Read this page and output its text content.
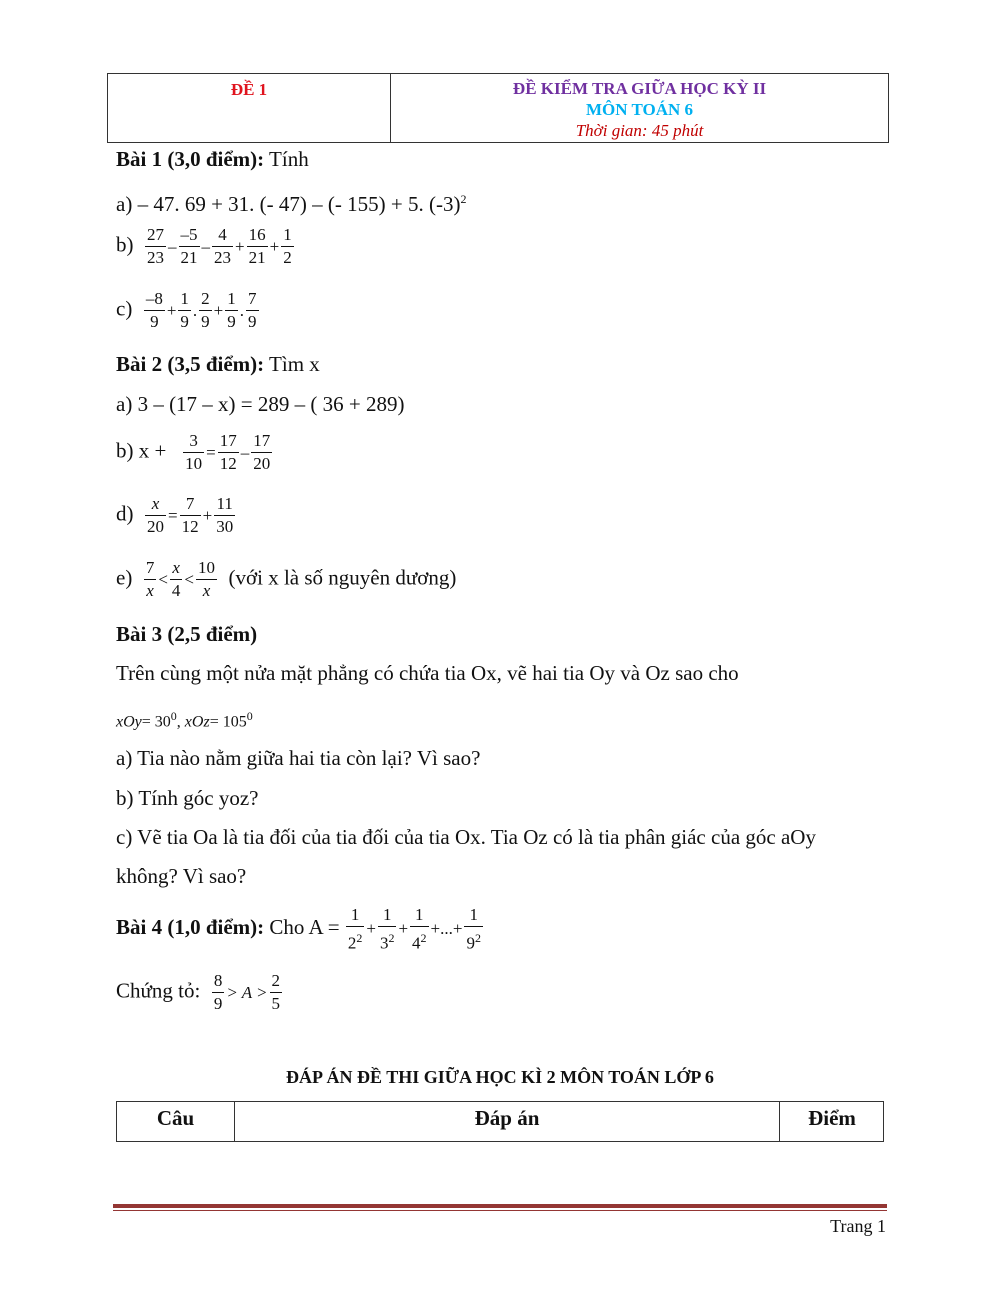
ĐỀ 1	ĐỀ KIỂM TRA GIỮA HỌC KỲ II
MÔN TOÁN 6
Thời gian: 45 phút
Bài 1 (3,0 điểm): Tính
a) – 47. 69 + 31. (- 47) – (- 155) + 5. $(-3)^2$
$b) \frac{27}{23} - \frac{-5}{21} - \frac{4}{23} + \frac{16}{21} + \frac{1}{2}$
$c) \frac{-8}{9} + \frac{1}{9}$ . $\frac{2}{9} + \frac{1}{9}$ . $\frac{7}{9}$
Bài 2 (3,5 điểm): Tìm x
a) 3 – (17 – x) = 289 – ( 36 + 289)
b) $x + \frac{3}{10} = \frac{17}{12} - \frac{17}{20}$
$d) \frac{x}{20} = \frac{7}{12} + \frac{11}{30}$
$e) \frac{7}{x} < \frac{x}{4} < \frac{10}{x}$ (với x là số nguyên dương)
Bài 3 (2,5 điểm)
Trên cùng một nửa mặt phẳng có chứa tia Ox, vẽ hai tia Oy và Oz sao cho
$xOy= 30^0$, $xOz= 105^0$
a) Tia nào nằm giữa hai tia còn lại? Vì sao?
b) Tính góc yoz?
c) Vẽ tia Oa là tia đối của tia đối của tia Ox. Tia Oz có là tia phân giác của góc aOy
không? Vì sao?
Bài 4 (1,0 điểm): Cho $A = \frac{1}{2^2} + \frac{1}{3^2} + \frac{1}{4^2}$ +...+ $\frac{1}{9^2}$
Chứng tỏ: $\frac{8}{9} > A > \frac{2}{5}$
ĐÁP ÁN ĐỀ THI GIỮA HỌC KÌ 2 MÔN TOÁN LỚP 6
Câu	Đáp án	Điểm
Trang 1
